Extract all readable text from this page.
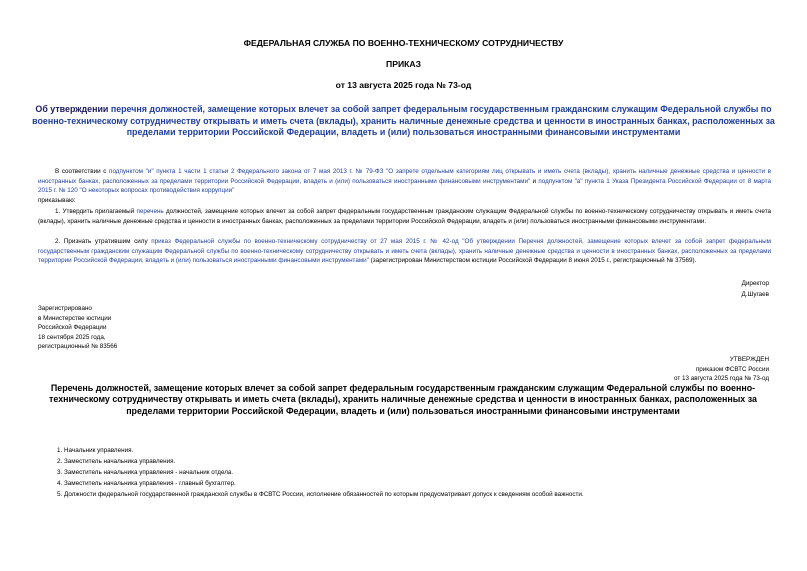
ФЕДЕРАЛЬНАЯ СЛУЖБА ПО ВОЕННО-ТЕХНИЧЕСКОМУ СОТРУДНИЧЕСТВУ
ПРИКАЗ
от 13 августа 2025 года № 73-од
Об утверждении перечня должностей, замещение которых влечет за собой запрет федеральным государственным гражданским служащим Федеральной службы по военно-техническому сотрудничеству открывать и иметь счета (вклады), хранить наличные денежные средства и ценности в иностранных банках, расположенных за пределами территории Российской Федерации, владеть и (или) пользоваться иностранными финансовыми инструментами
В соответствии с подпунктом "и" пункта 1 части 1 статьи 2 Федерального закона от 7 мая 2013 г. № 79-ФЗ "О запрете отдельным категориям лиц открывать и иметь счета (вклады), хранить наличные денежные средства и ценности в иностранных банках, расположенных за пределами территории Российской Федерации, владеть и (или) пользоваться иностранными финансовыми инструментами" и подпунктом "а" пункта 1 Указа Президента Российской Федерации от 8 марта 2015 г. № 120 "О некоторых вопросах противодействия коррупции"
приказываю:
1. Утвердить прилагаемый перечень должностей, замещение которых влечет за собой запрет федеральным государственным гражданским служащим Федеральной службы по военно-техническому сотрудничеству открывать и иметь счета (вклады), хранить наличные денежные средства и ценности в иностранных банках, расположенных за пределами территории Российской Федерации, владеть и (или) пользоваться иностранными финансовыми инструментами.
2. Признать утратившим силу приказ Федеральной службы по военно-техническому сотрудничеству от 27 мая 2015 г. № 42-од "Об утверждении Перечня должностей, замещение которых влечет за собой запрет федеральным государственным гражданским служащим Федеральной службы по военно-техническому сотрудничеству открывать и иметь счета (вклады), хранить наличные денежные средства и ценности в иностранных банках, расположенных за пределами территории Российской Федерации, владеть и (или) пользоваться иностранными финансовыми инструментами" (зарегистрирован Министерством юстиции Российской Федерации 8 июня 2015 г., регистрационный № 37569).
Директор
Д.Шугаев
Зарегистрировано
в Министерстве юстиции
Российской Федерации
18 сентября 2025 года,
регистрационный № 83566
УТВЕРЖДЕН
приказом ФСВТС России
от 13 августа 2025 года № 73-од
Перечень должностей, замещение которых влечет за собой запрет федеральным государственным гражданским служащим Федеральной службы по военно-техническому сотрудничеству открывать и иметь счета (вклады), хранить наличные денежные средства и ценности в иностранных банках, расположенных за пределами территории Российской Федерации, владеть и (или) пользоваться иностранными финансовыми инструментами
1. Начальник управления.
2. Заместитель начальника управления.
3. Заместитель начальника управления - начальник отдела.
4. Заместитель начальника управления - главный бухгалтер.
5. Должности федеральной государственной гражданской службы в ФСВТС России, исполнение обязанностей по которым предусматривает допуск к сведениям особой важности.
